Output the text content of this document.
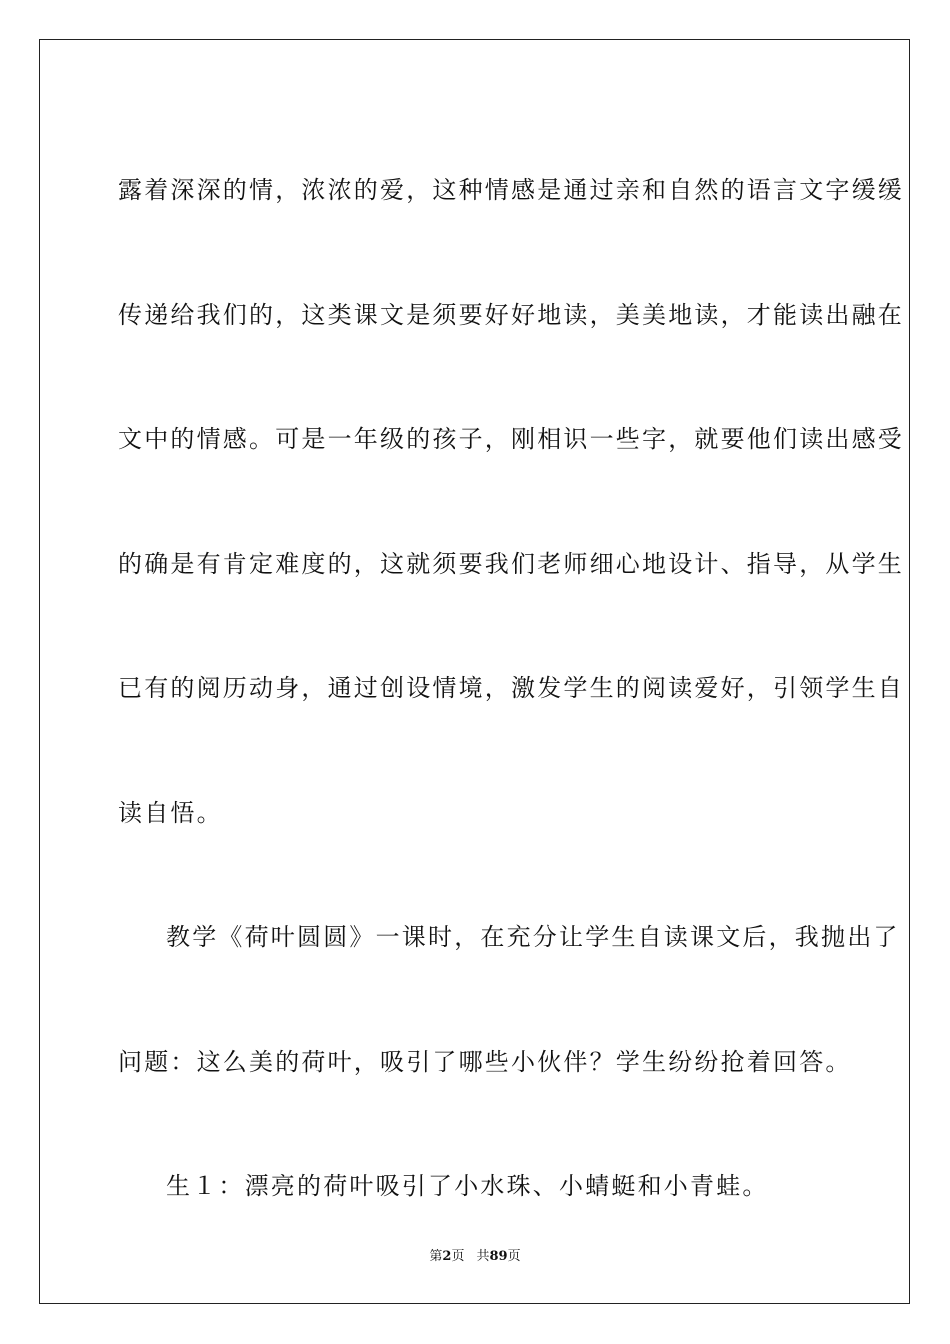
露着深深的情，浓浓的爱，这种情感是通过亲和自然的语言文字缓缓
传递给我们的，这类课文是须要好好地读，美美地读，才能读出融在
文中的情感。可是一年级的孩子，刚相识一些字，就要他们读出感受
的确是有肯定难度的，这就须要我们老师细心地设计、指导，从学生
已有的阅历动身，通过创设情境，激发学生的阅读爱好，引领学生自
读自悟。
教学《荷叶圆圆》一课时，在充分让学生自读课文后，我抛出了
问题：这么美的荷叶，吸引了哪些小伙伴？学生纷纷抢着回答。
生１：漂亮的荷叶吸引了小水珠、小蜻蜓和小青蛙。
第2页 共89页
